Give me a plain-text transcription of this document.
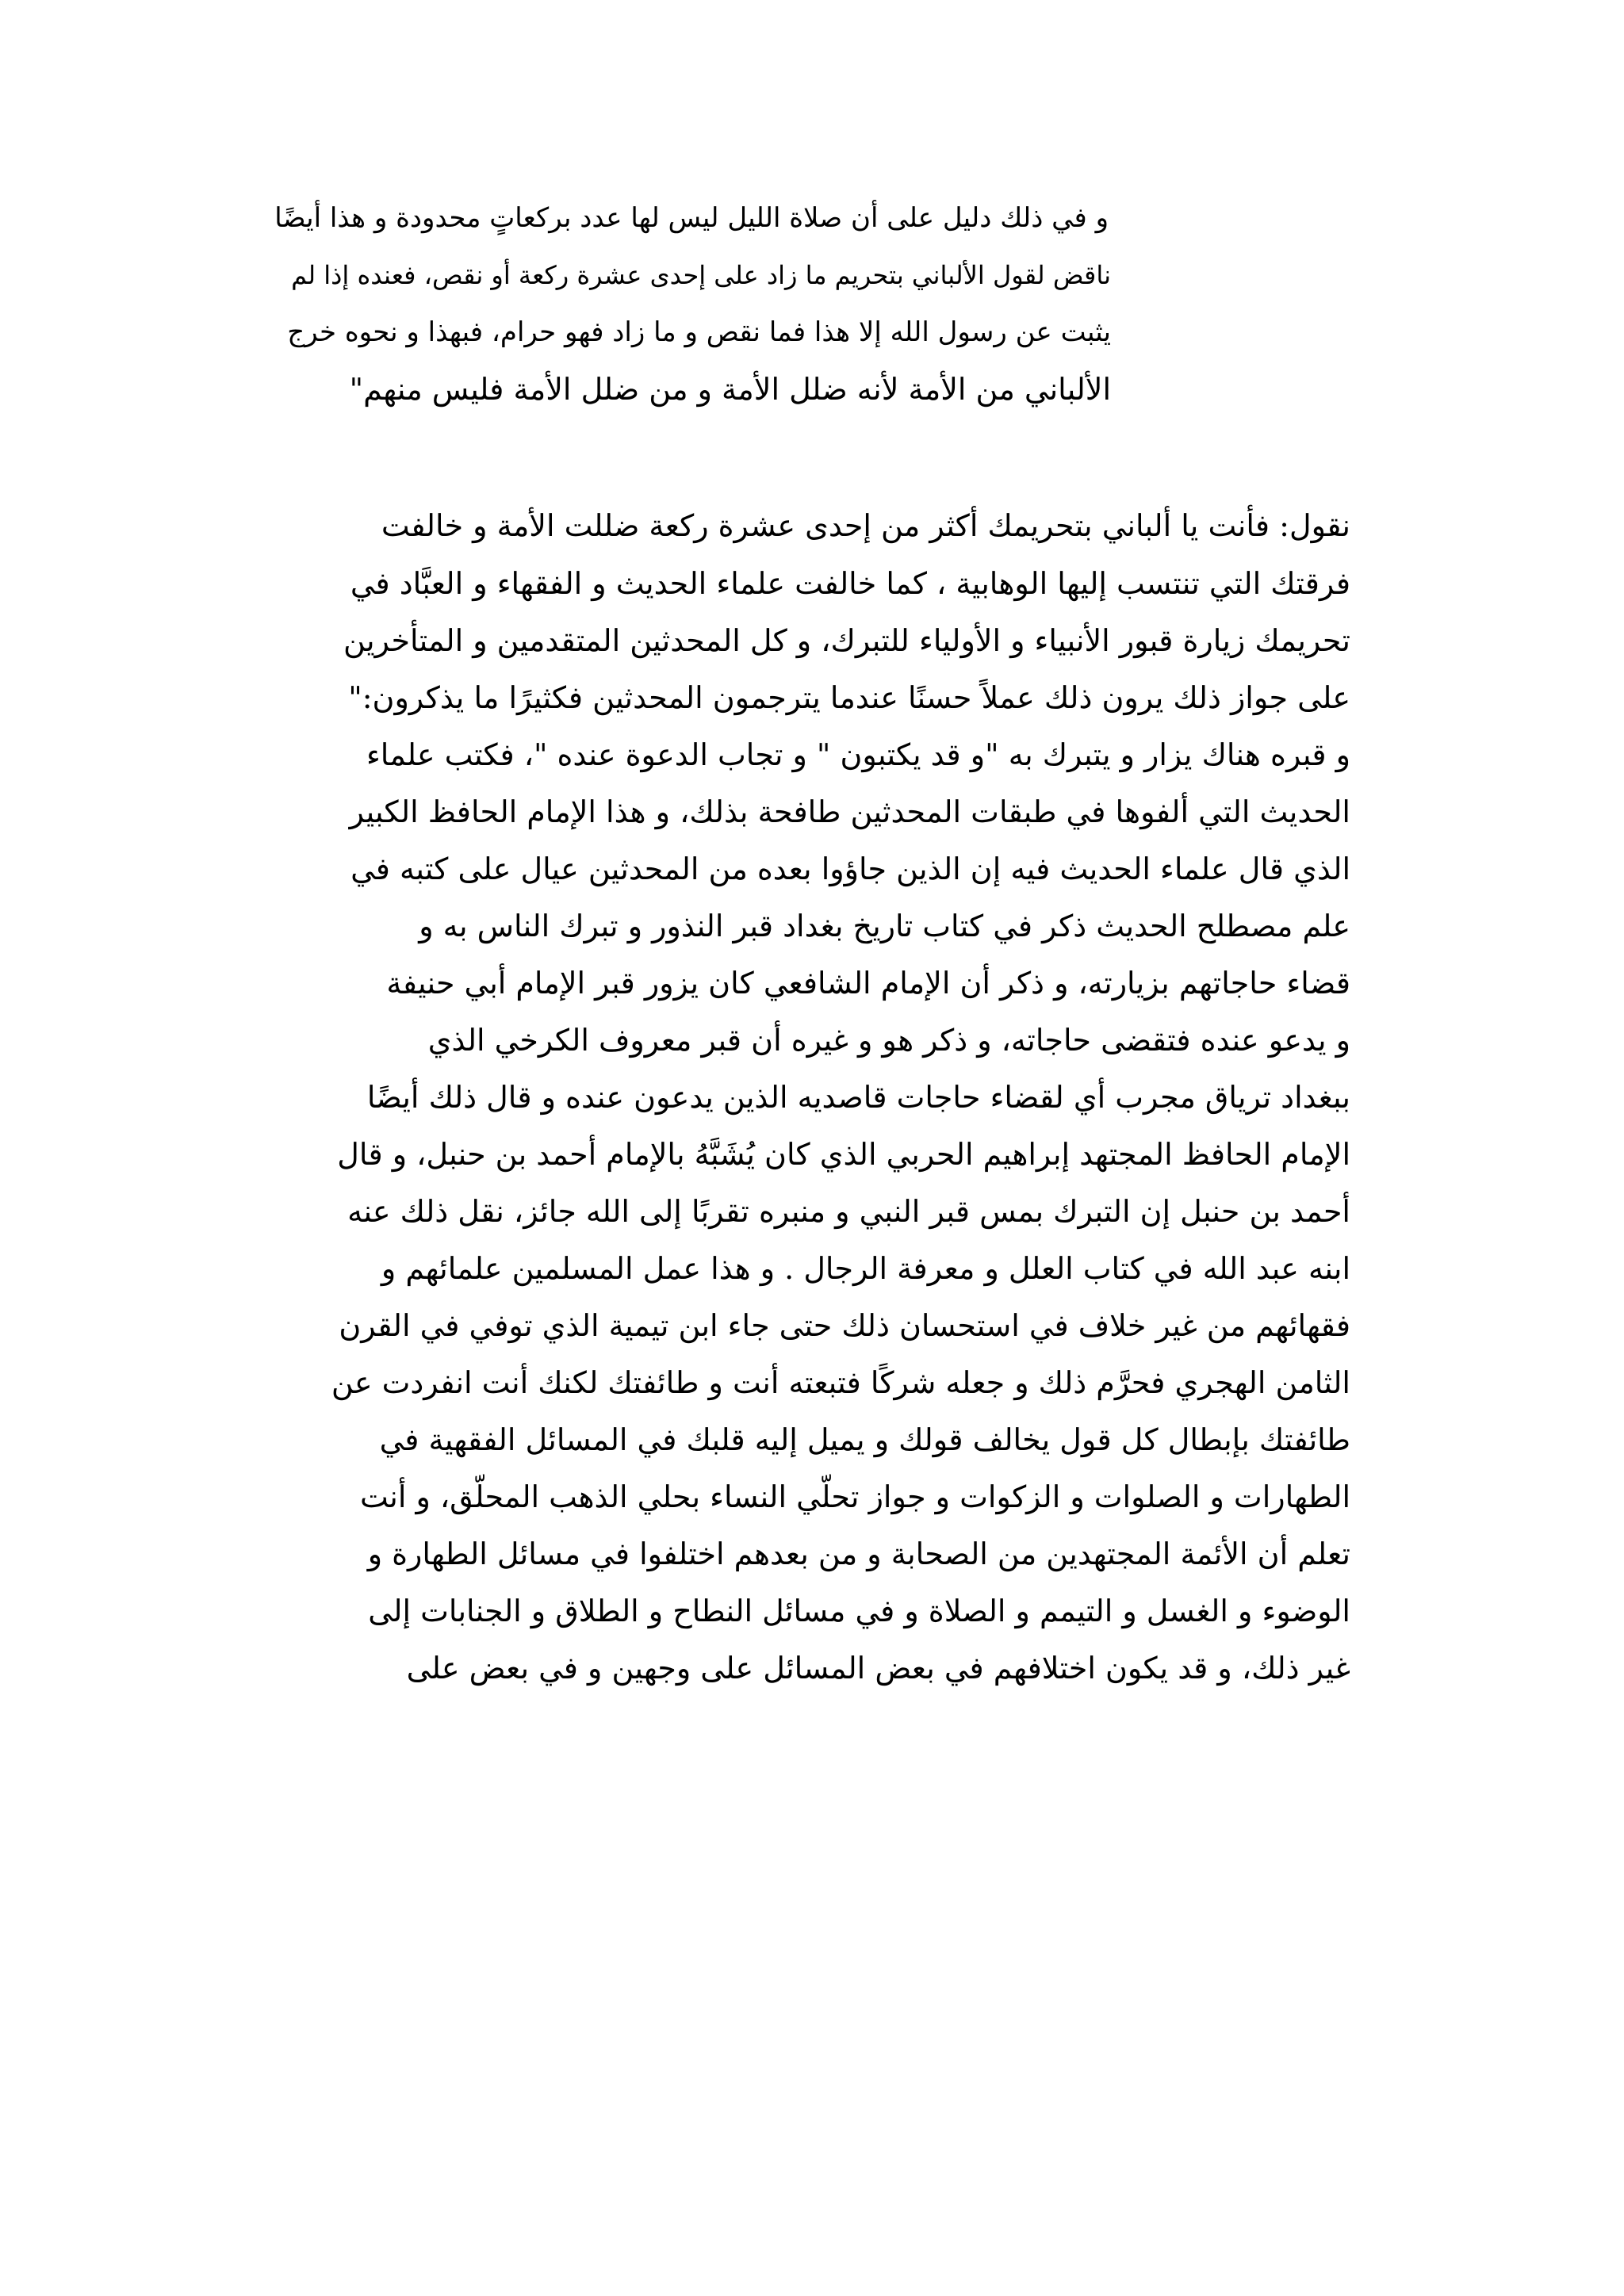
و في ذلك دليل على أن صلاة الليل ليس لها عدد بركعاتٍ محدودة و هذا أيضًا
ناقض لقول الألباني بتحريم ما زاد على إحدى عشرة ركعة أو نقص، فعنده إذا لم
يثبت عن رسول الله إلا هذا فما نقص و ما زاد فهو حرام، فبهذا و نحوه خرج
الألباني من الأمة لأنه ضلل الأمة و من ضلل الأمة فليس منهم"
نقول: فأنت يا ألباني بتحريمك أكثر من إحدى عشرة ركعة ضللت الأمة و خالفت
فرقتك التي تنتسب إليها الوهابية ، كما خالفت علماء الحديث و الفقهاء و العبَّاد في
تحريمك زيارة قبور الأنبياء و الأولياء للتبرك، و كل المحدثين المتقدمين و المتأخرين
على جواز ذلك يرون ذلك عملاً حسنًا عندما يترجمون المحدثين فكثيرًا ما يذكرون:"
و قبره هناك يزار و يتبرك به "و قد يكتبون " و تجاب الدعوة عنده "، فكتب علماء
الحديث التي ألفوها في طبقات المحدثين طافحة بذلك، و هذا الإمام الحافظ الكبير
الذي قال علماء الحديث فيه إن الذين جاؤوا بعده من المحدثين عيال على كتبه في
علم مصطلح الحديث ذكر في كتاب تاريخ بغداد قبر النذور و تبرك الناس به و
قضاء حاجاتهم بزيارته، و ذكر أن الإمام الشافعي كان يزور قبر الإمام أبي حنيفة
و يدعو عنده فتقضى حاجاته، و ذكر هو و غيره أن قبر معروف الكرخي الذي
ببغداد ترياق مجرب أي لقضاء حاجات قاصديه الذين يدعون عنده و قال ذلك أيضًا
الإمام الحافظ المجتهد إبراهيم الحربي الذي كان يُشَبَّهُ بالإمام أحمد بن حنبل، و قال
أحمد بن حنبل إن التبرك بمس قبر النبي و منبره تقربًا إلى الله جائز، نقل ذلك عنه
ابنه عبد الله في كتاب العلل و معرفة الرجال . و هذا عمل المسلمين علمائهم و
فقهائهم من غير خلاف في استحسان ذلك حتى جاء ابن تيمية الذي توفي في القرن
الثامن الهجري فحرَّم ذلك و جعله شركًا فتبعته أنت و طائفتك لكنك أنت انفردت عن
طائفتك بإبطال كل قول يخالف قولك و يميل إليه قلبك في المسائل الفقهية في
الطهارات و الصلوات و الزكوات و جواز تحلّي النساء بحلي الذهب المحلّق، و أنت
تعلم أن الأئمة المجتهدين من الصحابة و من بعدهم اختلفوا في مسائل الطهارة و
الوضوء و الغسل و التيمم و الصلاة و في مسائل النطاح و الطلاق و الجنابات إلى
غير ذلك، و قد يكون اختلافهم في بعض المسائل على وجهين و في بعض على
